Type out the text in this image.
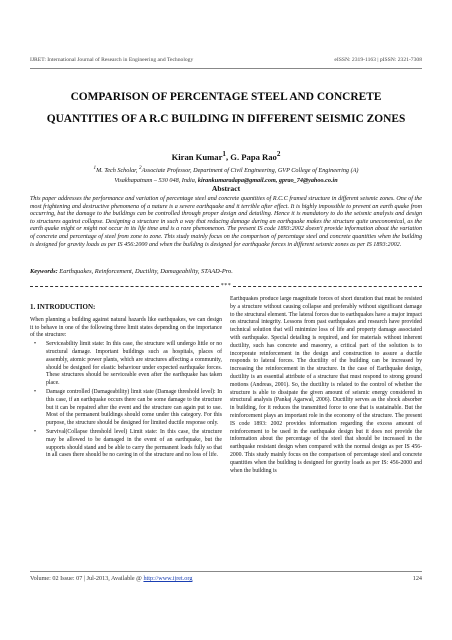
IJRET: International Journal of Research in Engineering and Technology	eISSN: 2319-1163 | pISSN: 2321-7308
COMPARISON OF PERCENTAGE STEEL AND CONCRETE
QUANTITIES OF A R.C BUILDING IN DIFFERENT SEISMIC ZONES
Kiran Kumar$^1$, G. Papa Rao$^2$
$^1$M. Tech Scholar, $^2$Associate Professor, Department of Civil Engineering, GVP College of Engineering (A)
Visakhapatnam – 530 048, India, kirankumaradapa@gmail.com, gprao_74@yahoo.co.in
Abstract
This paper addresses the performance and variation of percentage steel and concrete quantities of R.C.C framed structure in different seismic zones. One of the most frightening and destructive phenomena of a nature is a severe earthquake and it terrible after effect. It is highly impossible to prevent an earth quake from occurring, but the damage to the buildings can be controlled through proper design and detailing. Hence it is mandatory to do the seismic analysis and design to structures against collapse. Designing a structure in such a way that reducing damage during an earthquake makes the structure quite uneconomical, as the earth quake might or might not occur in its life time and is a rare phenomenon. The present IS code 1893:2002 doesn't provide information about the variation of concrete and percentage of steel from zone to zone. This study mainly focus on the comparison of percentage steel and concrete quantities when the building is designed for gravity loads as per IS 456:2000 and when the building is designed for earthquake forces in different seismic zones as per IS 1893:2002.
Keywords: Earthquakes, Reinforcement, Ductility, Damageability, STAAD-Pro.
***
1. INTRODUCTION:

When planning a building against natural hazards like earthquakes, we can design it to behave in one of the following three limit states depending on the importance of the structure:

• Serviceability limit state: In this case, the structure will undergo little or no structural damage. Important buildings such as hospitals, places of assembly, atomic power plants, which are structures affecting a community, should be designed for elastic behaviour under expected earthquake forces. These structures should be serviceable even after the earthquake has taken place.
• Damage controlled (Damageability) limit state (Damage threshold level): In this case, if an earthquake occurs there can be some damage to the structure but it can be repaired after the event and the structure can again put to use. Most of the permanent buildings should come under this category. For this purpose, the structure should be designed for limited ductile response only.
• Survival(Collapse threshold level) Limit state: In this case, the structure may be allowed to be damaged in the event of an earthquake, but the supports should stand and be able to carry the permanent loads fully so that in all cases there should be no caving in of the structure and no loss of life.

Earthquakes produce large magnitude forces of short duration that must be resisted by a structure without causing collapse and preferably without significant damage to the structural element. The lateral forces due to earthquakes have a major impact on structural integrity. Lessons from past earthquakes and research have provided technical solution that will minimize loss of life and property damage associated with earthquake. Special detailing is required, and for materials without inherent ductility, such has concrete and masonry, a critical part of the solution is to incorporate reinforcement in the design and construction to assure a ductile responds to lateral forces. The ductility of the building can be increased by increasing the reinforcement in the structure. In the case of Earthquake design, ductility is an essential attribute of a structure that must respond to strong ground motions (Andreas, 2001). So, the ductility is related to the control of whether the structure is able to dissipate the given amount of seismic energy considered in structural analysis (Pankaj Agarwal, 2006). Ductility serves as the shock absorber in building, for it reduces the transmitted force to one that is sustainable. But the reinforcement plays an important role in the economy of the structure. The present IS code 1893: 2002 provides information regarding the excess amount of reinforcement to be used in the earthquake design but it does not provide the information about the percentage of the steel that should be increased in the earthquake resistant design when compared with the normal design as per IS 456-2000. This study mainly focus on the comparison of percentage steel and concrete quantities when the building is designed for gravity loads as per IS: 456-2000 and when the building is

Volume: 02 Issue: 07 | Jul-2013, Available @ http://www.ijret.org	124
